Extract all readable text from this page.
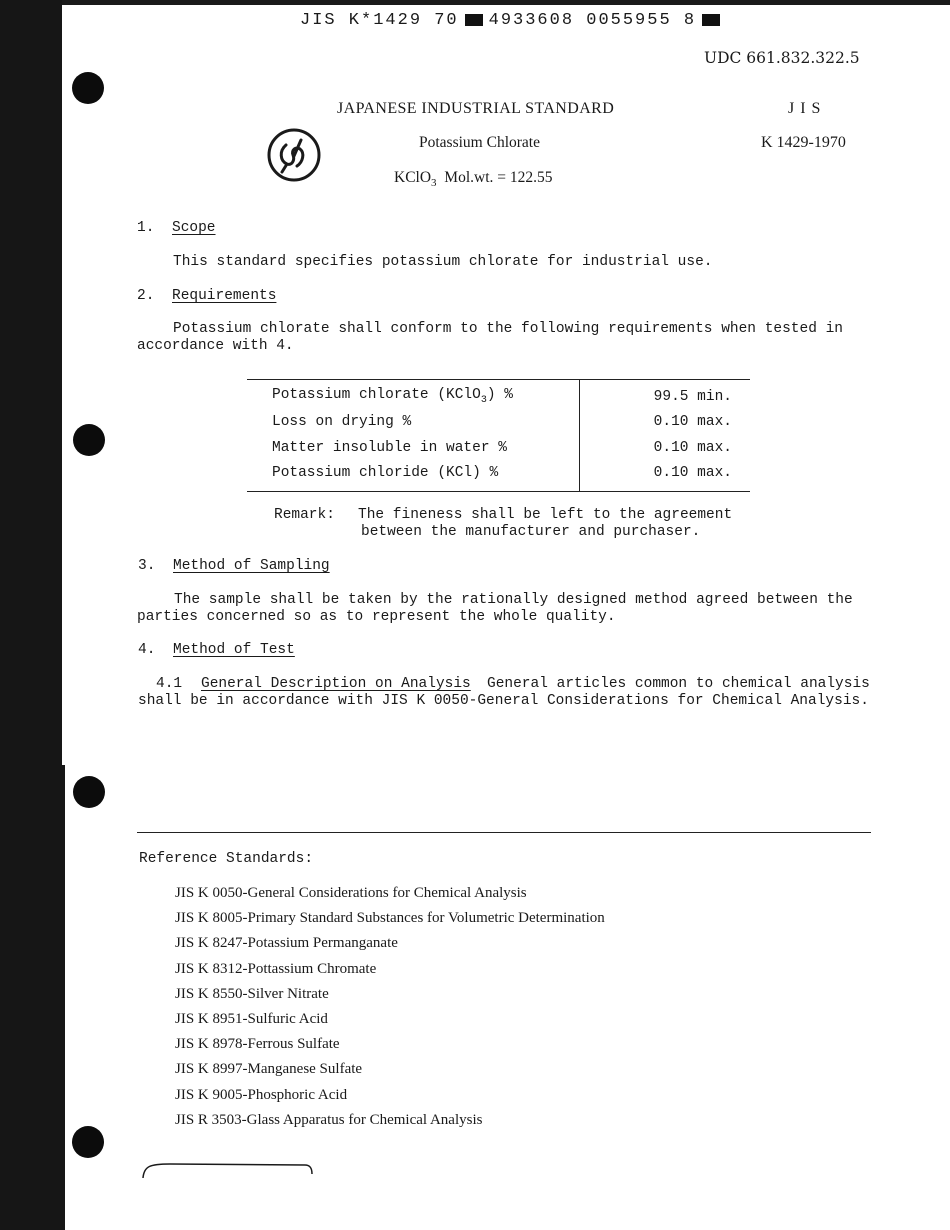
JIS K*1429 70 4933608 0055955 8
UDC 661.832.322.5
JAPANESE INDUSTRIAL STANDARD	J I S
K 1429-1970
Potassium Chlorate
KClO$_3$ Mol.wt. = 122.55
1. Scope
This standard specifies potassium chlorate for industrial use.
2. Requirements
Potassium chlorate shall conform to the following requirements when tested in
accordance with 4.
Potassium chlorate (KClO$_3$) %	99.5 min.
Loss on drying %	0.10 max.
Matter insoluble in water %	0.10 max.
Potassium chloride (KCl) %	0.10 max.
Remark: The fineness shall be left to the agreement
between the manufacturer and purchaser.
3. Method of Sampling
The sample shall be taken by the rationally designed method agreed between the
parties concerned so as to represent the whole quality.
4. Method of Test
4.1 General Description on Analysis General articles common to chemical analysis
shall be in accordance with JIS K 0050-General Considerations for Chemical Analysis.
Reference Standards:
JIS K 0050-General Considerations for Chemical Analysis
JIS K 8005-Primary Standard Substances for Volumetric Determination
JIS K 8247-Potassium Permanganate
JIS K 8312-Pottassium Chromate
JIS K 8550-Silver Nitrate
JIS K 8951-Sulfuric Acid
JIS K 8978-Ferrous Sulfate
JIS K 8997-Manganese Sulfate
JIS K 9005-Phosphoric Acid
JIS R 3503-Glass Apparatus for Chemical Analysis
